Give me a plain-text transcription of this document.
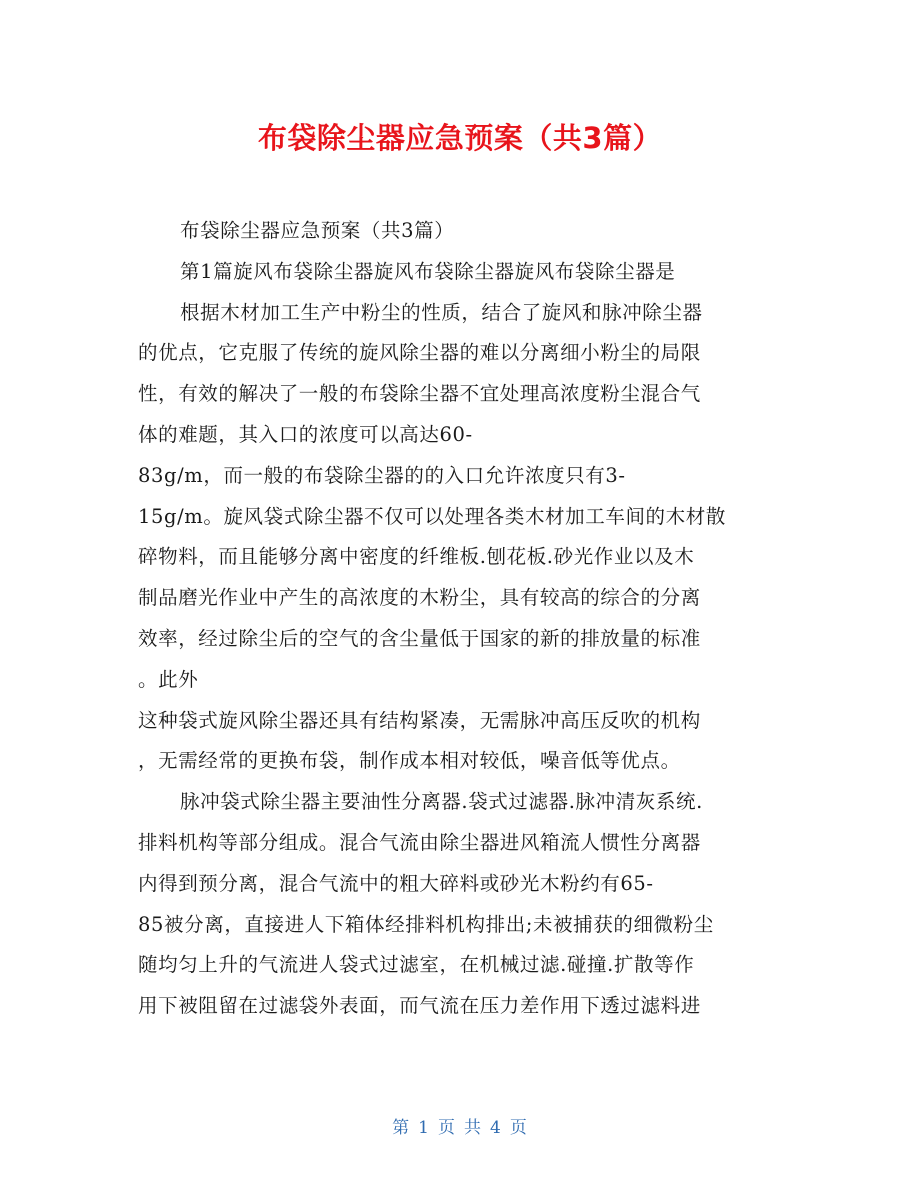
布袋除尘器应急预案（共3篇）
布袋除尘器应急预案（共3篇）
第1篇旋风布袋除尘器旋风布袋除尘器旋风布袋除尘器是
根据木材加工生产中粉尘的性质，结合了旋风和脉冲除尘器
的优点，它克服了传统的旋风除尘器的难以分离细小粉尘的局限
性，有效的解决了一般的布袋除尘器不宜处理高浓度粉尘混合气
体的难题，其入口的浓度可以高达60-
83g/m，而一般的布袋除尘器的的入口允许浓度只有3-
15g/m。旋风袋式除尘器不仅可以处理各类木材加工车间的木材散
碎物料，而且能够分离中密度的纤维板.刨花板.砂光作业以及木
制品磨光作业中产生的高浓度的木粉尘，具有较高的综合的分离
效率，经过除尘后的空气的含尘量低于国家的新的排放量的标准
。此外
这种袋式旋风除尘器还具有结构紧凑，无需脉冲高压反吹的机构
，无需经常的更换布袋，制作成本相对较低，噪音低等优点。
脉冲袋式除尘器主要油性分离器.袋式过滤器.脉冲清灰系统.
排料机构等部分组成。混合气流由除尘器进风箱流人惯性分离器
内得到预分离，混合气流中的粗大碎料或砂光木粉约有65-
85被分离，直接进人下箱体经排料机构排出;未被捕获的细微粉尘
随均匀上升的气流进人袋式过滤室，在机械过滤.碰撞.扩散等作
用下被阻留在过滤袋外表面，而气流在压力差作用下透过滤料进
第 1 页 共 4 页
